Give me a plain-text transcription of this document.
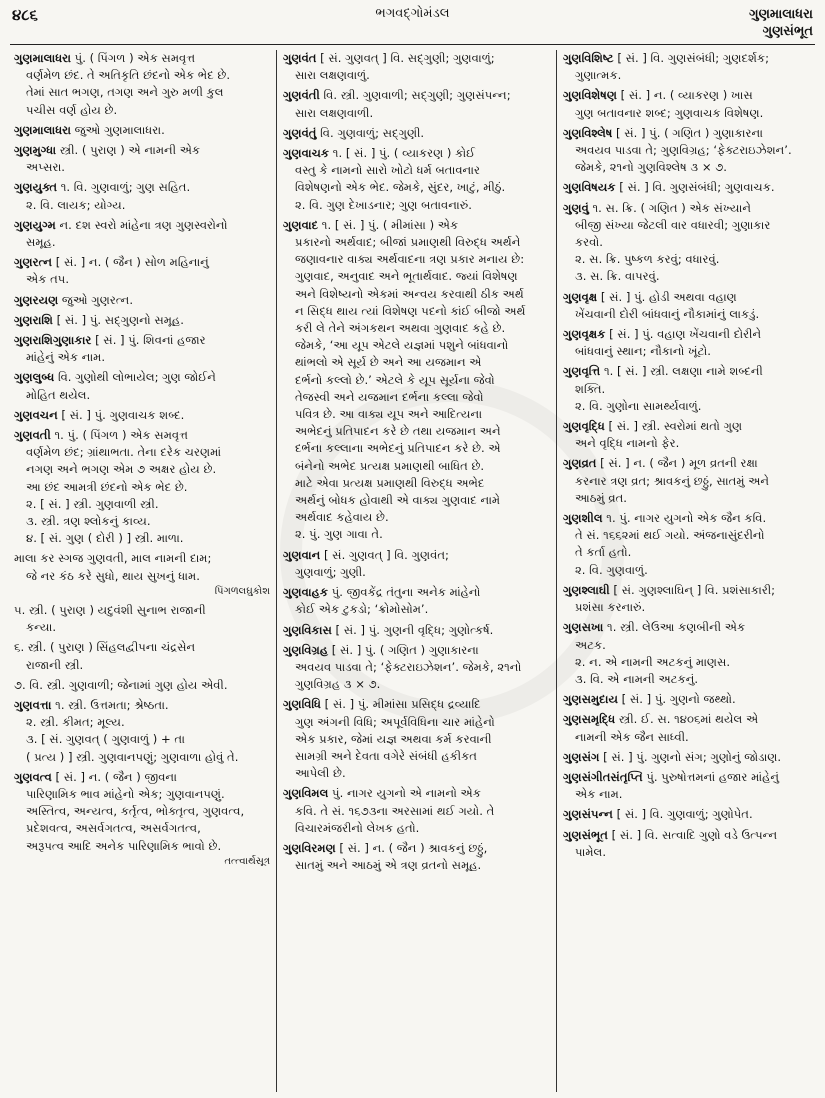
૪૮૬	ભગવદ્ગોમંડલ	ગુણમાલાધરા
ગુણસંભૂત
ગુણમાલાધરા પું. ( પિંગળ ) એક સમવૃત્ત
વર્ણમેળ છંદ. તે અતિકૃતિ છંદનો એક ભેદ છે.
તેમાં સાત ભગણ, તગણ અને ગુરુ મળી કુલ
પચીસ વર્ણ હોય છે.
ગુણમાલાધરા જુઓ ગુણમાલાધરા.
ગુણમુગ્ધા સ્ત્રી. ( પુરાણ ) એ નામની એક
અપ્સરા.
ગુણયુક્ત ૧. વિ. ગુણવાળું; ગુણ સહિત.
૨. વિ. લાયક; યોગ્ય.
ગુણયુગ્મ ન. દશ સ્વરો માંહેના ત્રણ ગુણસ્વરોનો
સમૂહ.
ગુણરત્ન [ સં. ] ન. ( જૈન ) સોળ મહિનાનું
એક તપ.
ગુણરયણ જુઓ ગુણરત્ન.
ગુણરાશિ [ સં. ] પું. સદ્ગુણનો સમૂહ.
ગુણરાશિગુણાકાર [ સં. ] પું. શિવનાં હજાર
માંહેનું એક નામ.
ગુણલુબ્ધ વિ. ગુણોથી લોભાયેલ; ગુણ જોઈને
મોહિત થયેલ.
ગુણવચન [ સં. ] પું. ગુણવાચક શબ્દ.
ગુણવતી ૧. પું. ( પિંગળ ) એક સમવૃત્ત
વર્ણમેળ છંદ; ગ્રાંથાભતા. તેના દરેક ચરણમાં
નગણ અને ભગણ એમ ૭ અક્ષર હોય છે.
આ છંદ આમત્રી છંદનો એક ભેદ છે.
૨. [ સં. ] સ્ત્રી. ગુણવાળી સ્ત્રી.
૩. સ્ત્રી. ત્રણ શ્લોકનું કાવ્ય.
૪. [ સં. ગુણ ( દોરી ) ] સ્ત્રી. માળા.
માલા કર સ્ગજ ગુણવતી, માલ નામની દામ;
જે નર કંઠ કરે સુધો, થાય સુખનું ધામ.
પિંગળલઘુકોશ
૫. સ્ત્રી. ( પુરાણ ) યદુવંશી સુનાભ રાજાની
કન્યા.
૬. સ્ત્રી. ( પુરાણ ) સિંહલદ્વીપના ચંદ્રસેન
રાજાની સ્ત્રી.
૭. વિ. સ્ત્રી. ગુણવાળી; જેનામાં ગુણ હોય એવી.
ગુણવત્તા ૧. સ્ત્રી. ઉત્તમતા; શ્રેષ્ઠતા.
૨. સ્ત્રી. કીમત; મૂલ્ય.
૩. [ સં. ગુણવત્ ( ગુણવાળું ) + તા
( પ્રત્ય ) ] સ્ત્રી. ગુણવાનપણું; ગુણવાળા હોવું તે.
ગુણવત્વ [ સં. ] ન. ( જૈન ) જીવના
પારિણામિક ભાવ માંહેનો એક; ગુણવાનપણું.
અસ્તિત્વ, અન્યત્વ, કર્તૃત્વ, ભોક્તૃત્વ, ગુણવત્વ,
પ્રદેશવત્વ, અસર્વગતત્વ, અસર્વગતત્વ,
અરૂપત્વ આદિ અનેક પારિણામિક ભાવો છે.
તત્ત્વાર્થસૂત્ર
ગુણવંત [ સં. ગુણવત્ ] વિ. સદ્ગુણી; ગુણવાળું;
સારા લક્ષણવાળું.
ગુણવંતી વિ. સ્ત્રી. ગુણવાળી; સદ્ગુણી; ગુણસંપન્ન;
સારા લક્ષણવાળી.
ગુણવંતું વિ. ગુણવાળું; સદ્ગુણી.
ગુણવાચક ૧. [ સં. ] પું. ( વ્યાકરણ ) કોઈ
વસ્તુ કે નામનો સારો ખોટો ધર્મ બતાવનાર
વિશેષણનો એક ભેદ. જેમકે, સુંદર, ખાટું, મીઠું.
૨. વિ. ગુણ દેખાડનાર; ગુણ બતાવનારું.
ગુણવાદ ૧. [ સં. ] પું. ( મીમાંસા ) એક
પ્રકારનો અર્થવાદ; બીજાં પ્રમાણથી વિરુદ્ધ અર્થને
જણાવનાર વાક્ય અર્થવાદના ત્રણ પ્રકાર મનાય છે:
ગુણવાદ, અનુવાદ અને ભૂતાર્થવાદ. જ્યાં વિશેષણ
અને વિશેષ્યનો એકમાં અન્વય કરવાથી ઠીક અર્થ
ન સિદ્ધ થાય ત્યાં વિશેષણ પદનો કાંઈ બીજો અર્થ
કરી લે તેને અંગકથન અથવા ગુણવાદ કહે છે.
જેમકે, ‘આ યૂપ એટલે યજ્ઞમાં પશુને બાંધવાનો
થાંભલો એ સૂર્ય છે અને આ યજમાન એ
દર્ભનો કલ્લો છે.’ એટલે કે યૂપ સૂર્યના જેવો
તેજસ્વી અને યજમાન દર્ભના કલ્લા જેવો
પવિત્ર છે. આ વાક્ય યૂપ અને આદિત્યના
અભેદનું પ્રતિપાદન કરે છે તથા યજમાન અને
દર્ભના કલ્લાના અભેદનું પ્રતિપાદન કરે છે. એ
બંનેનો અભેદ પ્રત્યક્ષ પ્રમાણથી બાધિત છે.
માટે એવા પ્રત્યક્ષ પ્રમાણથી વિરુદ્ધ અભેદ
અર્થનું બોધક હોવાથી એ વાક્ય ગુણવાદ નામે
અર્થવાદ કહેવાય છે.
૨. પું. ગુણ ગાવા તે.
ગુણવાન [ સં. ગુણવત્ ] વિ. ગુણવંત;
ગુણવાળું; ગુણી.
ગુણવાહક પું. જીવકેંદ્ર તંતુના અનેક માંહેનો
કોઈ એક ટુકડો; ‘ક્રોમોસોમ’.
ગુણવિકાસ [ સં. ] પું. ગુણની વૃદ્ધિ; ગુણોત્કર્ષ.
ગુણવિગ્રહ [ સં. ] પું. ( ગણિત ) ગુણાકારના
અવયવ પાડવા તે; ‘ફેક્ટરાઇઝેશન’. જેમકે, ૨૧નો
ગુણવિગ્રહ ૩ × ૭.
ગુણવિધિ [ સં. ] પું. મીમાંસા પ્રસિદ્ધ દ્રવ્યાદિ
ગુણ અંગની વિધિ; અપૂર્વવિધિના ચાર માંહેનો
એક પ્રકાર, જેમાં યજ્ઞ અથવા કર્મ કરવાની
સામગ્રી અને દેવતા વગેરે સંબંધી હકીકત
આપેલી છે.
ગુણવિમલ પું. નાગર યુગનો એ નામનો એક
કવિ. તે સં. ૧૬૭૩ના અરસામાં થઈ ગયો. તે
વિચારમંજરીનો લેખક હતો.
ગુણવિરમણ [ સં. ] ન. ( જૈન ) શ્રાવકનું છઠ્ઠું,
સાતમું અને આઠમું એ ત્રણ વ્રતનો સમૂહ.
ગુણવિશિષ્ટ [ સં. ] વિ. ગુણસંબંધી; ગુણદર્શક;
ગુણાત્મક.
ગુણવિશેષણ [ સં. ] ન. ( વ્યાકરણ ) ખાસ
ગુણ બતાવનાર શબ્દ; ગુણવાચક વિશેષણ.
ગુણવિશ્લેષ [ સં. ] પું. ( ગણિત ) ગુણાકારના
અવયવ પાડવા તે; ગુણવિગ્રહ; ‘ફેક્ટરાઇઝેશન’.
જેમકે, ૨૧નો ગુણવિશ્લેષ ૩ × ૭.
ગુણવિષયક [ સં. ] વિ. ગુણસંબંધી; ગુણવાચક.
ગુણવું ૧. સ. ક્રિ. ( ગણિત ) એક સંખ્યાને
બીજી સંખ્યા જેટલી વાર વધારવી; ગુણાકાર
કરવો.
૨. સ. ક્રિ. પુષ્કળ કરવું; વધારવું.
૩. સ. ક્રિ. વાપરવું.
ગુણવૃક્ષ [ સં. ] પું. હોડી અથવા વહાણ
ખેંચવાની દોરી બાંધવાનું નૌકામાંનું લાકડું.
ગુણવૃક્ષક [ સં. ] પું. વહાણ ખેંચવાની દોરીને
બાંધવાનું સ્થાન; નૌકાનો ખૂંટો.
ગુણવૃત્તિ ૧. [ સં. ] સ્ત્રી. લક્ષણા નામે શબ્દની
શક્તિ.
૨. વિ. ગુણોના સામર્થ્યવાળું.
ગુણવૃદ્ધિ [ સં. ] સ્ત્રી. સ્વરોમાં થતો ગુણ
અને વૃદ્ધિ નામનો ફેર.
ગુણવ્રત [ સં. ] ન. ( જૈન ) મૂળ વ્રતની રક્ષા
કરનાર ત્રણ વ્રત; શ્રાવકનું છઠ્ઠું, સાતમું અને
આઠમું વ્રત.
ગુણશીલ ૧. પું. નાગર યુગનો એક જૈન કવિ.
તે સં. ૧૬૬૨માં થઈ ગયો. અંજનાસુંદરીનો
તે કર્તા હતો.
૨. વિ. ગુણવાળું.
ગુણશ્લાઘી [ સં. ગુણશ્લાઘિન્ ] વિ. પ્રશંસાકારી;
પ્રશંસા કરનારું.
ગુણસખા ૧. સ્ત્રી. લેઉઆ કણબીની એક
અટક.
૨. ન. એ નામની અટકનું માણસ.
૩. વિ. એ નામની અટકનું.
ગુણસમુદાય [ સં. ] પું. ગુણનો જથ્થો.
ગુણસમૃદ્ધિ સ્ત્રી. ઈ. સ. ૧૪૦૬માં થયેલ એ
નામની એક જૈન સાધ્વી.
ગુણસંગ [ સં. ] પું. ગુણનો સંગ; ગુણોનું જોડાણ.
ગુણસંગીતસંતૃપ્તિ પું. પુરુષોત્તમનાં હજાર માંહેનું
એક નામ.
ગુણસંપન્ન [ સં. ] વિ. ગુણવાળું; ગુણોપેત.
ગુણસંભૂત [ સં. ] વિ. સત્વાદિ ગુણો વડે ઉત્પન્ન
પામેલ.
